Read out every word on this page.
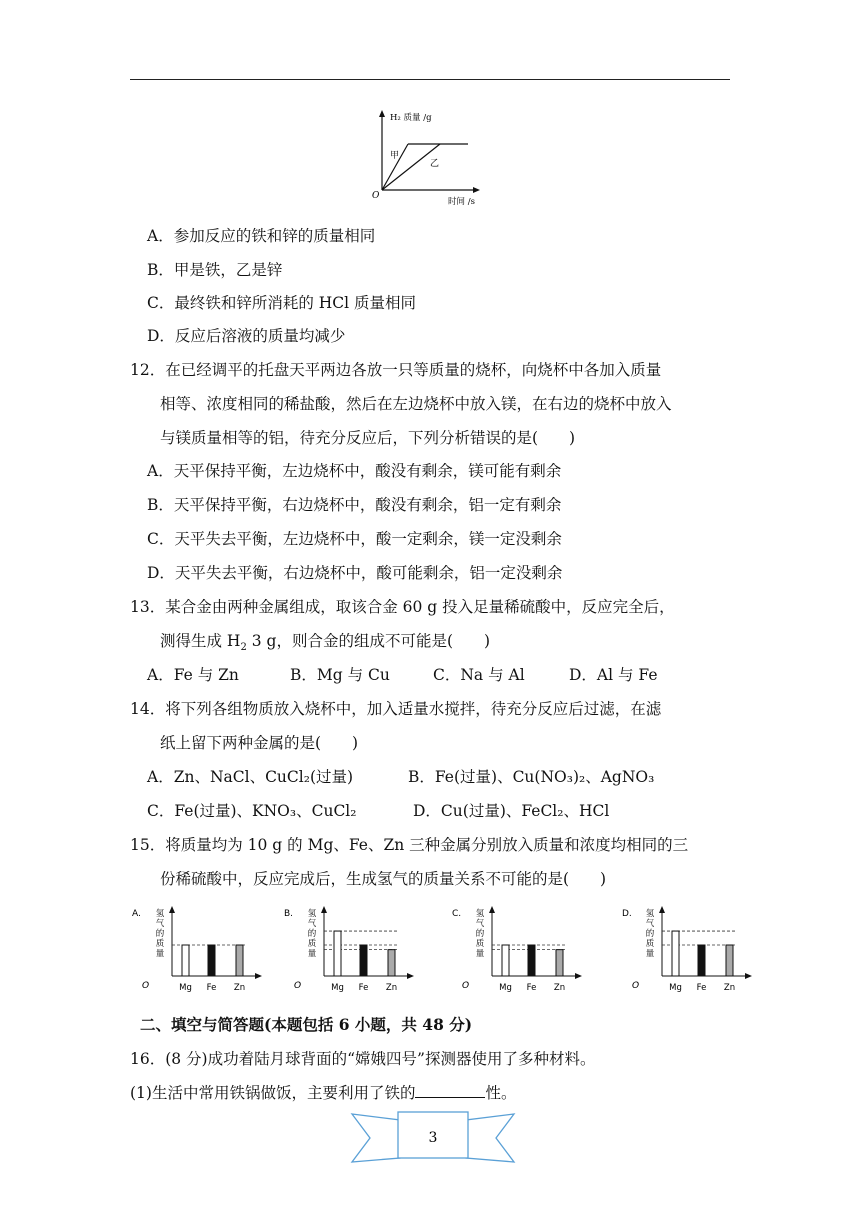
H₂ 质量 /g
时间 /s
O
甲
乙
A．参加反应的铁和锌的质量相同
B．甲是铁，乙是锌
C．最终铁和锌所消耗的 HCl 质量相同
D．反应后溶液的质量均减少
12．在已经调平的托盘天平两边各放一只等质量的烧杯，向烧杯中各加入质量
相等、浓度相同的稀盐酸，然后在左边烧杯中放入镁，在右边的烧杯中放入
与镁质量相等的铝，待充分反应后，下列分析错误的是(　　)
A．天平保持平衡，左边烧杯中，酸没有剩余，镁可能有剩余
B．天平保持平衡，右边烧杯中，酸没有剩余，铝一定有剩余
C．天平失去平衡，左边烧杯中，酸一定剩余，镁一定没剩余
D．天平失去平衡，右边烧杯中，酸可能剩余，铝一定没剩余
13．某合金由两种金属组成，取该合金 60 g 投入足量稀硫酸中，反应完全后，
测得生成 $H_2$ 3 g，则合金的组成不可能是(　　)
A．Fe 与 Zn	B．Mg 与 Cu	C．Na 与 Al	D．Al 与 Fe
14．将下列各组物质放入烧杯中，加入适量水搅拌，待充分反应后过滤，在滤
纸上留下两种金属的是(　　)
A．Zn、NaCl、CuCl₂(过量)	B．Fe(过量)、Cu(NO₃)₂、AgNO₃
C．Fe(过量)、KNO₃、CuCl₂	D．Cu(过量)、FeCl₂、HCl
15．将质量均为 10 g 的 Mg、Fe、Zn 三种金属分别放入质量和浓度均相同的三
份稀硫酸中，反应完成后，生成氢气的质量关系不可能的是(　　)
A. 氢
气
的
质
量
O	Mg Fe Zn
B. 氢
气
的
质
量
O	Mg Fe Zn
C. 氢
气
的
质
量
O	Mg Fe Zn
D. 氢
气
的
质
量
O	Mg Fe Zn
二、填空与简答题(本题包括 6 小题，共 48 分)
16．(8 分)成功着陆月球背面的“嫦娥四号”探测器使用了多种材料。
(1)生活中常用铁锅做饭，主要利用了铁的	性。
3
